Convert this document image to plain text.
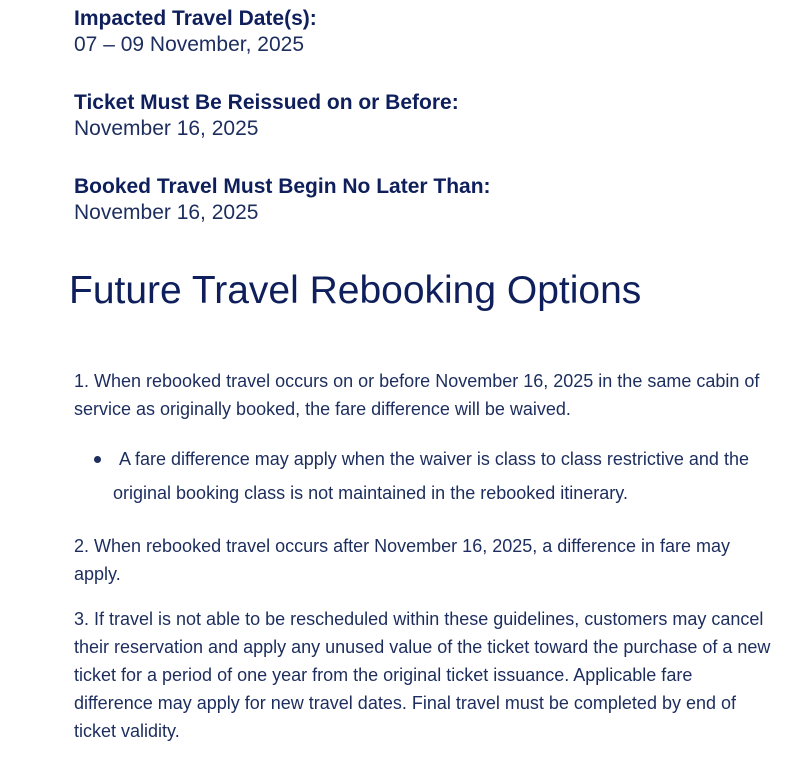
Impacted Travel Date(s):

07 – 09 November, 2025

Ticket Must Be Reissued on or Before:

November 16, 2025

Booked Travel Must Begin No Later Than:

November 16, 2025

Future Travel Rebooking Options

1. When rebooked travel occurs on or before November 16, 2025 in the same cabin of service as originally booked, the fare difference will be waived.

A fare difference may apply when the waiver is class to class restrictive and the original booking class is not maintained in the rebooked itinerary.

2. When rebooked travel occurs after November 16, 2025, a difference in fare may apply.

3. If travel is not able to be rescheduled within these guidelines, customers may cancel their reservation and apply any unused value of the ticket toward the purchase of a new ticket for a period of one year from the original ticket issuance. Applicable fare difference may apply for new travel dates. Final travel must be completed by end of ticket validity.
